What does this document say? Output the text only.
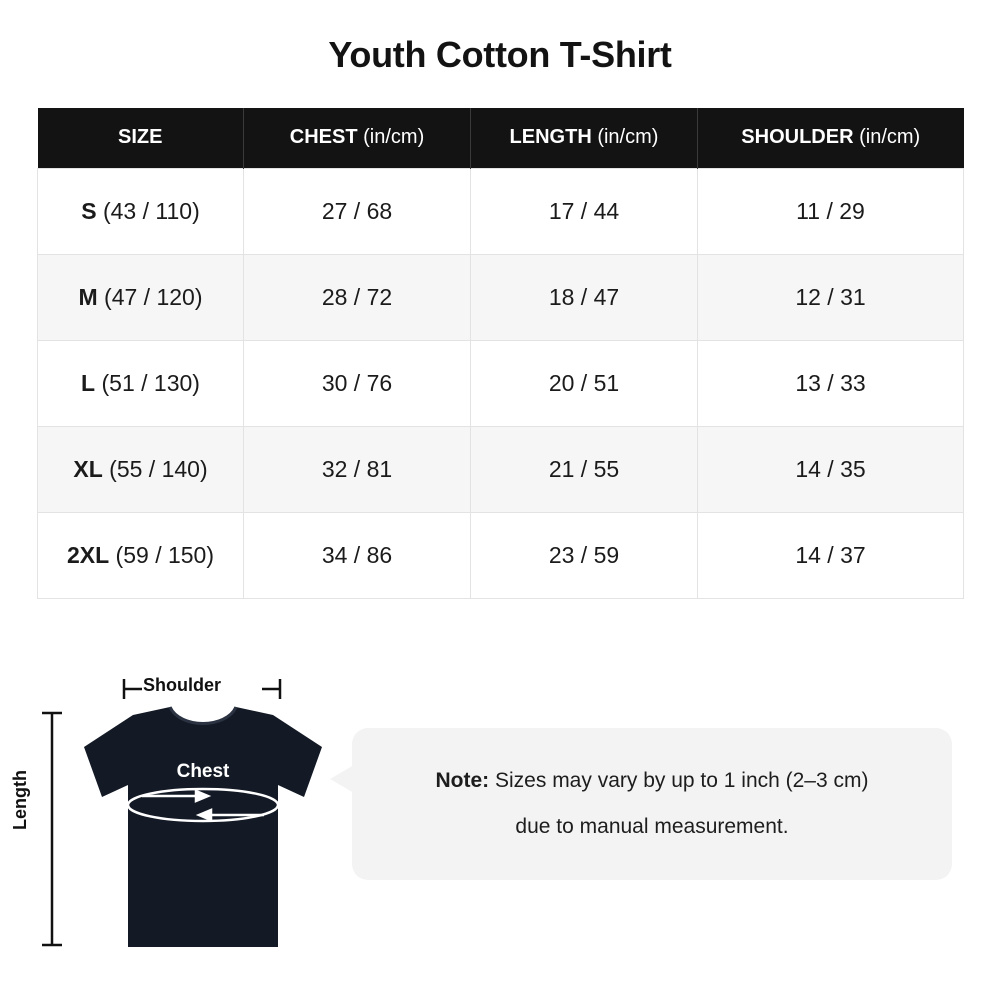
Youth Cotton T-Shirt
SIZE	CHEST (in/cm)	LENGTH (in/cm)	SHOULDER (in/cm)
S (43 / 110)	27 / 68	17 / 44	11 / 29
M (47 / 120)	28 / 72	18 / 47	12 / 31
L (51 / 130)	30 / 76	20 / 51	13 / 33
XL (55 / 140)	32 / 81	21 / 55	14 / 35
2XL (59 / 150)	34 / 86	23 / 59	14 / 37
Shoulder
Length	Chest	Note: Sizes may vary by up to 1 inch (2–3 cm)
due to manual measurement.
